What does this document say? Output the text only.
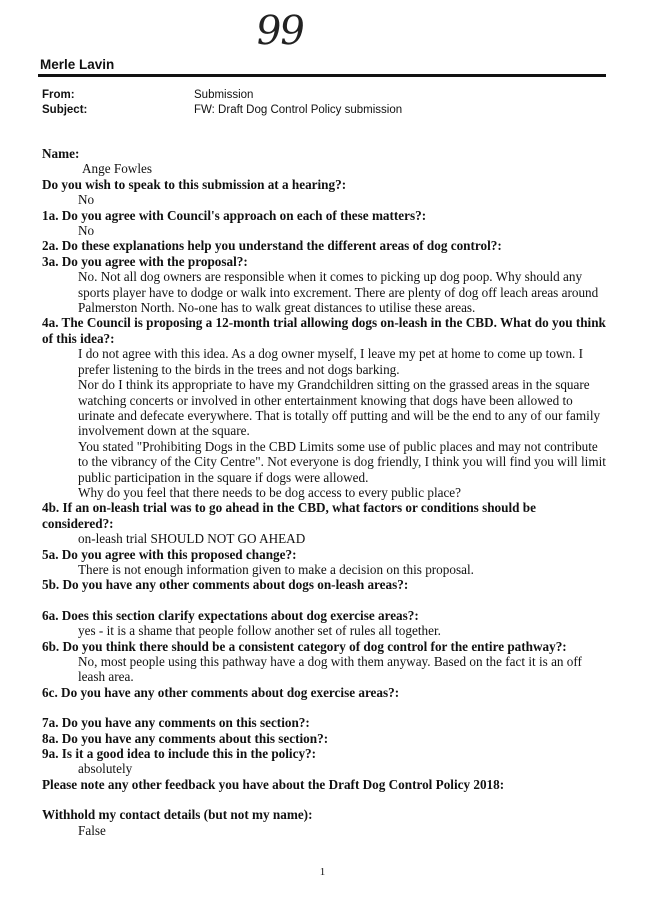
99
Merle Lavin
From:	Submission
Subject:	FW: Draft Dog Control Policy submission

Name:

Ange Fowles

Do you wish to speak to this submission at a hearing?:

No

1a. Do you agree with Council's approach on each of these matters?:

No

2a. Do these explanations help you understand the different areas of dog control?:

3a. Do you agree with the proposal?:

No. Not all dog owners are responsible when it comes to picking up dog poop. Why should any sports player have to dodge or walk into excrement. There are plenty of dog off leach areas around Palmerston North. No-one has to walk great distances to utilise these areas.

4a. The Council is proposing a 12-month trial allowing dogs on-leash in the CBD. What do you think of this idea?:

I do not agree with this idea. As a dog owner myself, I leave my pet at home to come up town. I prefer listening to the birds in the trees and not dogs barking.

Nor do I think its appropriate to have my Grandchildren sitting on the grassed areas in the square watching concerts or involved in other entertainment knowing that dogs have been allowed to urinate and defecate everywhere. That is totally off putting and will be the end to any of our family involvement down at the square.

You stated "Prohibiting Dogs in the CBD Limits some use of public places and may not contribute to the vibrancy of the City Centre". Not everyone is dog friendly, I think you will find you will limit public participation in the square if dogs were allowed.

Why do you feel that there needs to be dog access to every public place?

4b. If an on-leash trial was to go ahead in the CBD, what factors or conditions should be considered?:

on-leash trial SHOULD NOT GO AHEAD

5a. Do you agree with this proposed change?:

There is not enough information given to make a decision on this proposal.

5b. Do you have any other comments about dogs on-leash areas?:

6a. Does this section clarify expectations about dog exercise areas?:

yes - it is a shame that people follow another set of rules all together.

6b. Do you think there should be a consistent category of dog control for the entire pathway?:

No, most people using this pathway have a dog with them anyway. Based on the fact it is an off leash area.

6c. Do you have any other comments about dog exercise areas?:

7a. Do you have any comments on this section?:

8a. Do you have any comments about this section?:

9a. Is it a good idea to include this in the policy?:

absolutely

Please note any other feedback you have about the Draft Dog Control Policy 2018:

Withhold my contact details (but not my name):

False

1
